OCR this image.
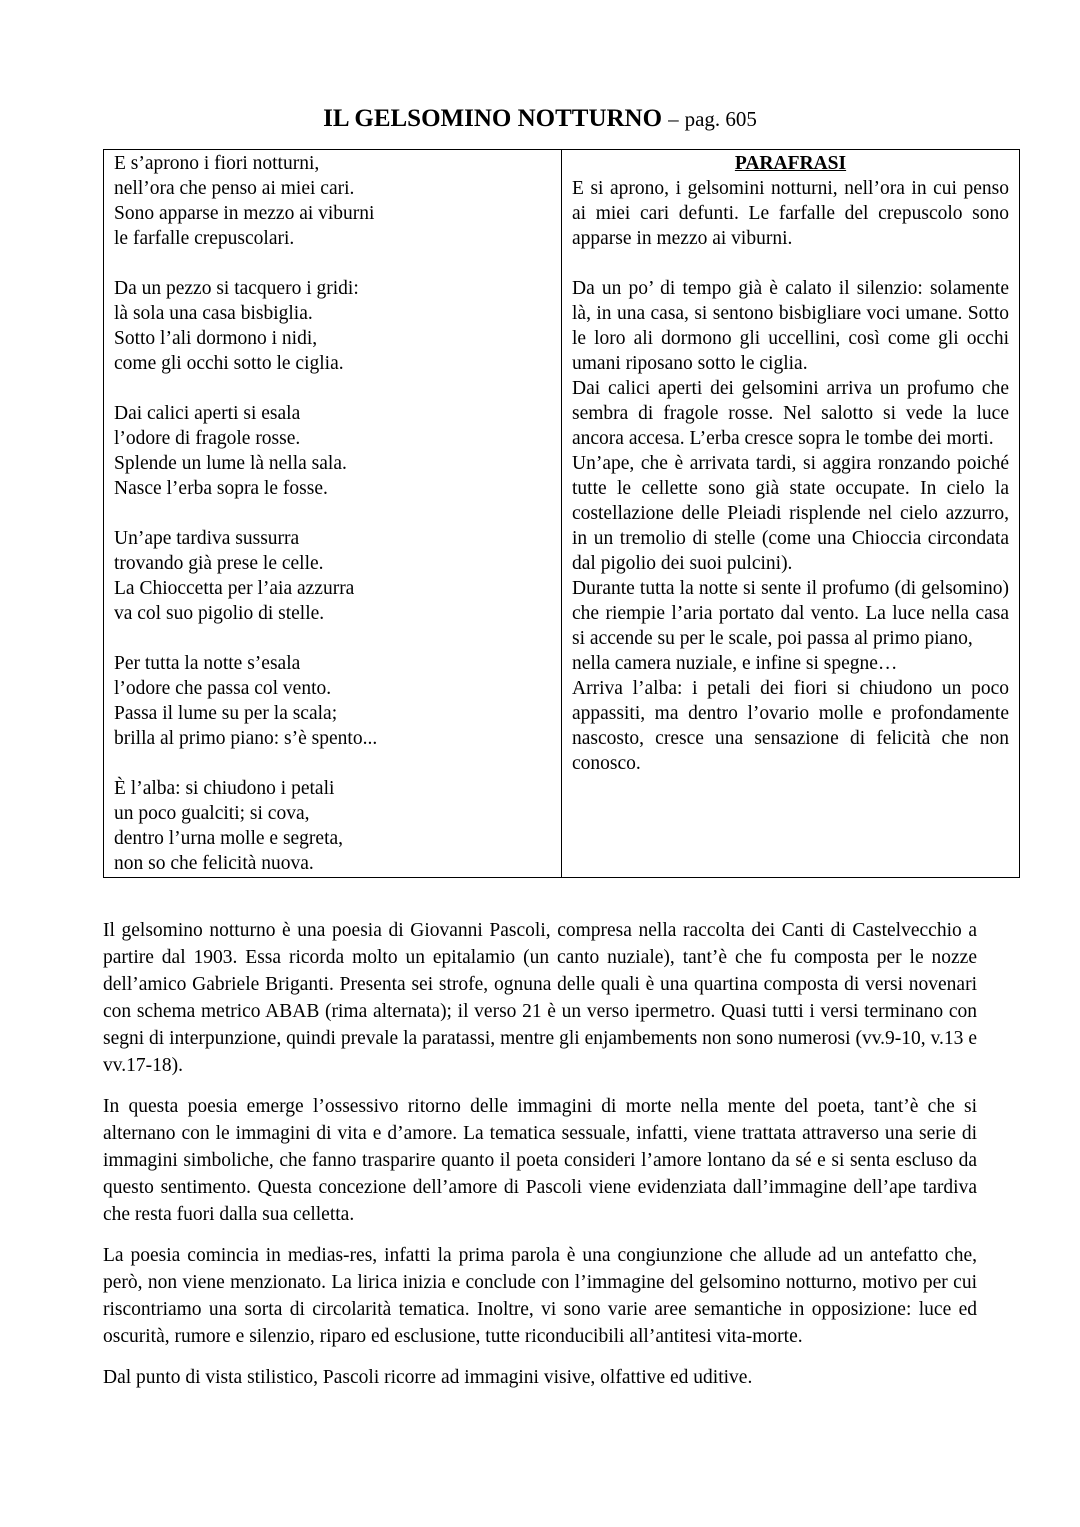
IL GELSOMINO NOTTURNO – pag. 605
E s’aprono i fiori notturni,
nell’ora che penso ai miei cari.
Sono apparse in mezzo ai viburni
le farfalle crepuscolari.
Da un pezzo si tacquero i gridi:
là sola una casa bisbiglia.
Sotto l’ali dormono i nidi,
come gli occhi sotto le ciglia.
Dai calici aperti si esala
l’odore di fragole rosse.
Splende un lume là nella sala.
Nasce l’erba sopra le fosse.
Un’ape tardiva sussurra
trovando già prese le celle.
La Chioccetta per l’aia azzurra
va col suo pigolio di stelle.
Per tutta la notte s’esala
l’odore che passa col vento.
Passa il lume su per la scala;
brilla al primo piano: s’è spento...
È l’alba: si chiudono i petali
un poco gualciti; si cova,
dentro l’urna molle e segreta,
non so che felicità nuova.

PARAFRASI

E si aprono, i gelsomini notturni, nell’ora in cui penso ai miei cari defunti. Le farfalle del crepuscolo sono apparse in mezzo ai viburni.

Da un po’ di tempo già è calato il silenzio: solamente là, in una casa, si sentono bisbigliare voci umane. Sotto le loro ali dormono gli uccellini, così come gli occhi umani riposano sotto le ciglia.

Dai calici aperti dei gelsomini arriva un profumo che sembra di fragole rosse. Nel salotto si vede la luce ancora accesa. L’erba cresce sopra le tombe dei morti.

Un’ape, che è arrivata tardi, si aggira ronzando poiché tutte le cellette sono già state occupate. In cielo la costellazione delle Pleiadi risplende nel cielo azzurro, in un tremolio di stelle (come una Chioccia circondata dal pigolio dei suoi pulcini).

Durante tutta la notte si sente il profumo (di gelsomino) che riempie l’aria portato dal vento. La luce nella casa si accende su per le scale, poi passa al primo piano,

nella camera nuziale, e infine si spegne…

Arriva l’alba: i petali dei fiori si chiudono un poco appassiti, ma dentro l’ovario molle e profondamente nascosto, cresce una sensazione di felicità che non conosco.

Il gelsomino notturno è una poesia di Giovanni Pascoli, compresa nella raccolta dei Canti di Castelvecchio a partire dal 1903. Essa ricorda molto un epitalamio (un canto nuziale), tant’è che fu composta per le nozze dell’amico Gabriele Briganti. Presenta sei strofe, ognuna delle quali è una quartina composta di versi novenari con schema metrico ABAB (rima alternata); il verso 21 è un verso ipermetro. Quasi tutti i versi terminano con segni di interpunzione, quindi prevale la paratassi, mentre gli enjambements non sono numerosi (vv.9-10, v.13 e vv.17-18).

In questa poesia emerge l’ossessivo ritorno delle immagini di morte nella mente del poeta, tant’è che si alternano con le immagini di vita e d’amore. La tematica sessuale, infatti, viene trattata attraverso una serie di immagini simboliche, che fanno trasparire quanto il poeta consideri l’amore lontano da sé e si senta escluso da questo sentimento. Questa concezione dell’amore di Pascoli viene evidenziata dall’immagine dell’ape tardiva che resta fuori dalla sua celletta.

La poesia comincia in medias-res, infatti la prima parola è una congiunzione che allude ad un antefatto che, però, non viene menzionato. La lirica inizia e conclude con l’immagine del gelsomino notturno, motivo per cui riscontriamo una sorta di circolarità tematica. Inoltre, vi sono varie aree semantiche in opposizione: luce ed oscurità, rumore e silenzio, riparo ed esclusione, tutte riconducibili all’antitesi vita-morte.

Dal punto di vista stilistico, Pascoli ricorre ad immagini visive, olfattive ed uditive.
